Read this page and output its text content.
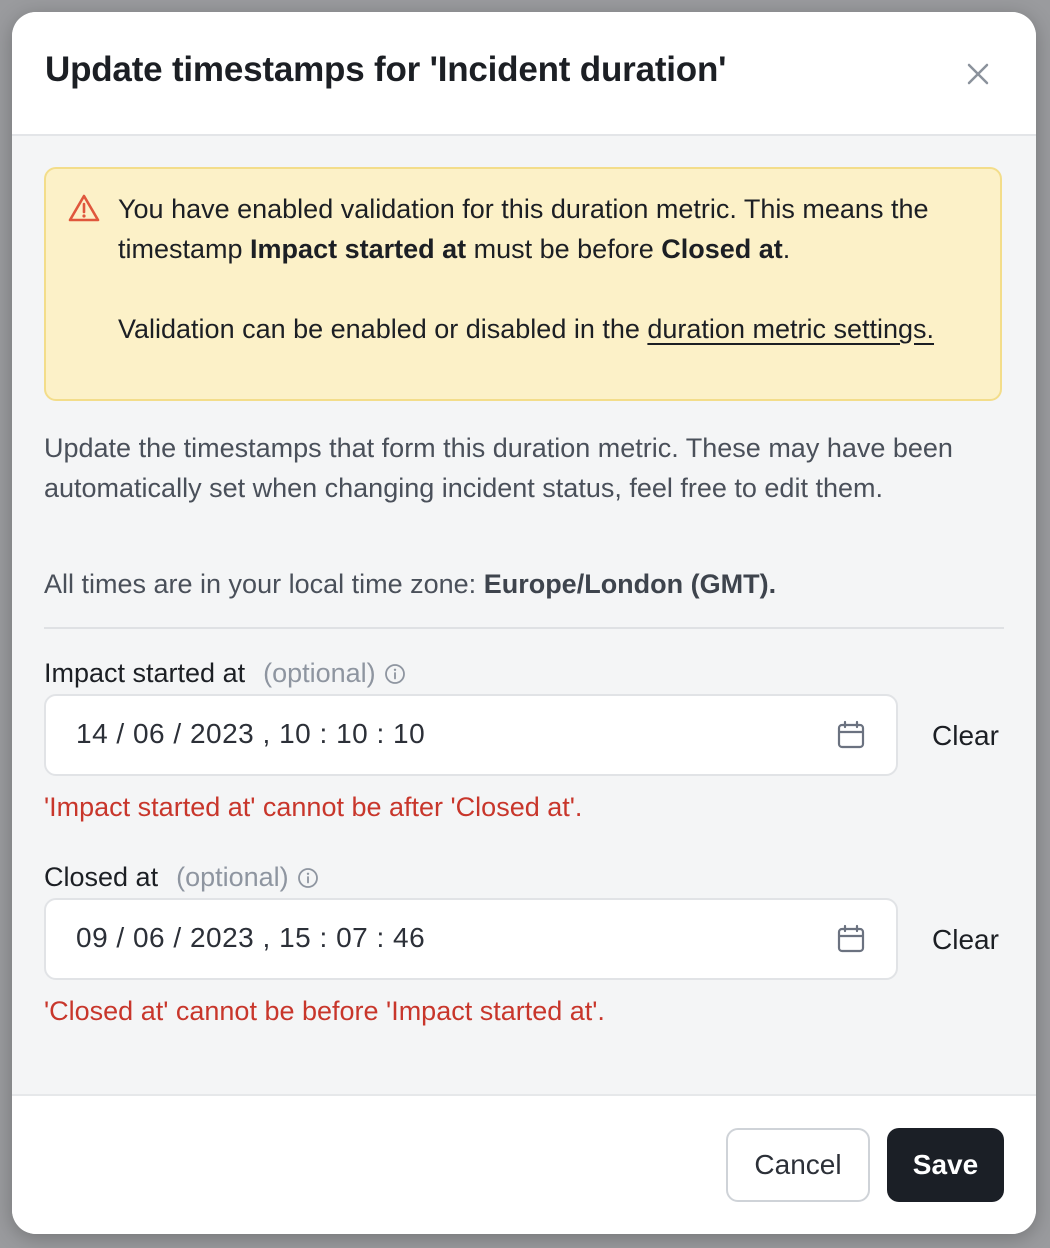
Update timestamps for 'Incident duration'
You have enabled validation for this duration metric. This means the timestamp Impact started at must be before Closed at.
Validation can be enabled or disabled in the duration metric settings.
Update the timestamps that form this duration metric. These may have been automatically set when changing incident status, feel free to edit them.
All times are in your local time zone: Europe/London (GMT).
Impact started at (optional)
14 / 06 / 2023 , 10 : 10 : 10	Clear
'Impact started at' cannot be after 'Closed at'.
Closed at (optional)
09 / 06 / 2023 , 15 : 07 : 46	Clear
'Closed at' cannot be before 'Impact started at'.
Cancel	Save
